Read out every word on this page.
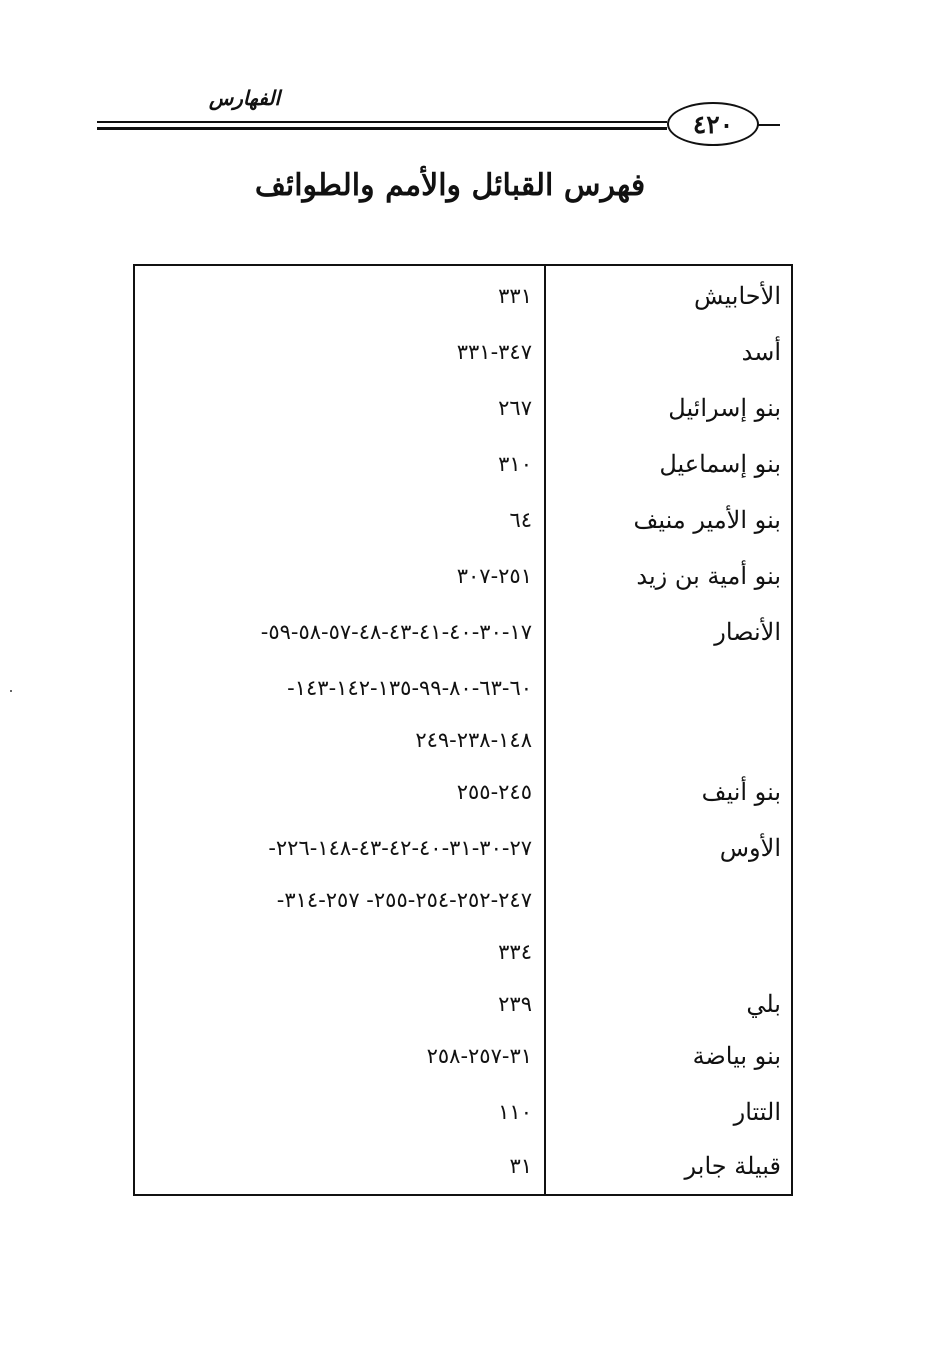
الفهارس
٤٢٠
فهرس القبائل والأمم والطوائف
الأحابيش
٣٣١
أسد
٣٤٧-٣٣١
بنو إسرائيل
٢٦٧
بنو إسماعيل
٣١٠
بنو الأمير منيف
٦٤
بنو أمية بن زيد
٢٥١-٣٠٧
الأنصار
١٧-٣٠-٤٠-٤١-٤٣-٤٨-٥٧-٥٨-٥٩-
٦٠-٦٣-٨٠-٩٩-١٣٥-١٤٢-١٤٣-
١٤٨-٢٣٨-٢٤٩
بنو أنيف
٢٤٥-٢٥٥
الأوس
٢٧-٣٠-٣١-٤٠-٤٢-٤٣-١٤٨-٢٢٦-
٢٤٧-٢٥٢-٢٥٤-٢٥٥- ٢٥٧-٣١٤-
٣٣٤
بلي
٢٣٩
بنو بياضة
٣١-٢٥٧-٢٥٨
التتار
١١٠
قبيلة جابر
٣١
